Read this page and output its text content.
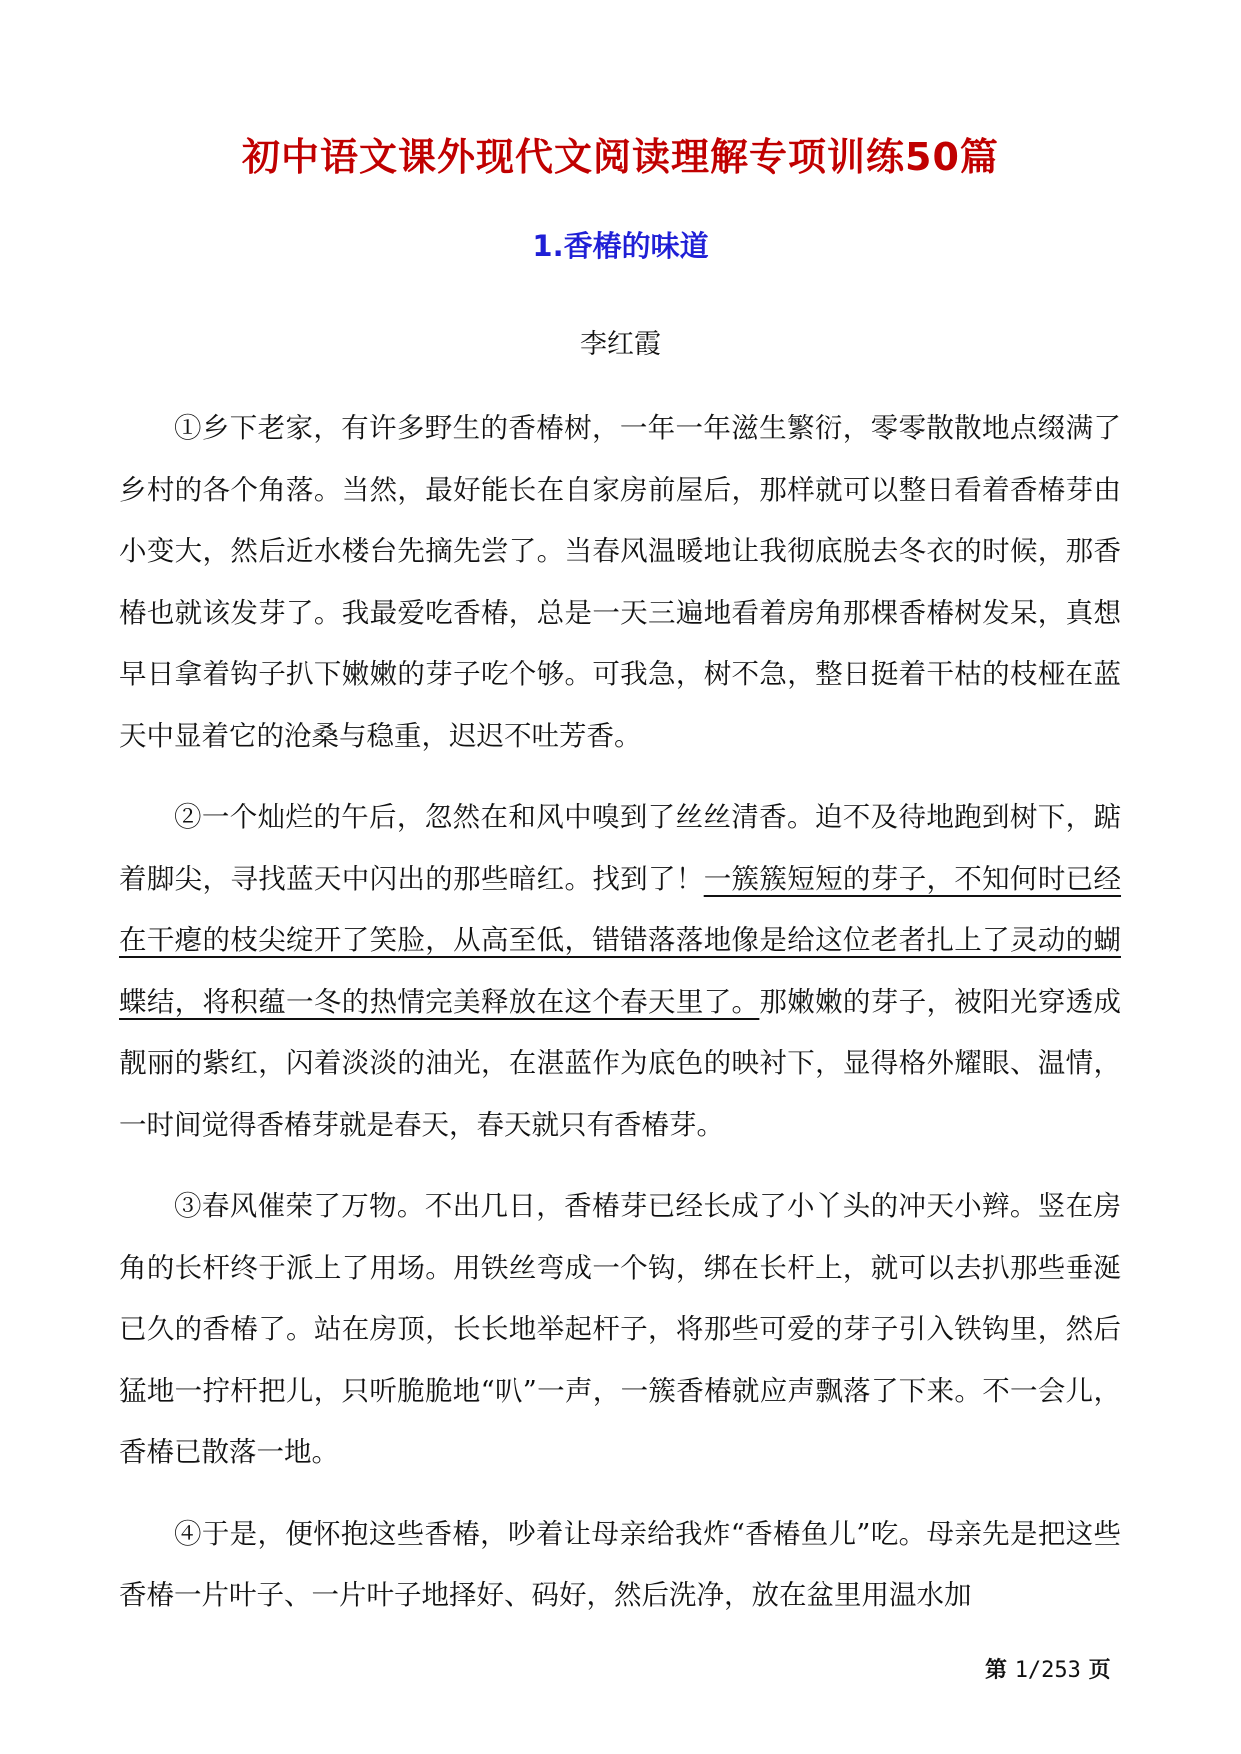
初中语文课外现代文阅读理解专项训练50篇
1.香椿的味道

李红霞

①乡下老家，有许多野生的香椿树，一年一年滋生繁衍，零零散散地点缀满了乡村的各个角落。当然，最好能长在自家房前屋后，那样就可以整日看着香椿芽由小变大，然后近水楼台先摘先尝了。当春风温暖地让我彻底脱去冬衣的时候，那香椿也就该发芽了。我最爱吃香椿，总是一天三遍地看着房角那棵香椿树发呆，真想早日拿着钩子扒下嫩嫩的芽子吃个够。可我急，树不急，整日挺着干枯的枝桠在蓝天中显着它的沧桑与稳重，迟迟不吐芳香。

②一个灿烂的午后，忽然在和风中嗅到了丝丝清香。迫不及待地跑到树下，踮着脚尖，寻找蓝天中闪出的那些暗红。找到了！一簇簇短短的芽子，不知何时已经在干瘪的枝尖绽开了笑脸，从高至低，错错落落地像是给这位老者扎上了灵动的蝴蝶结，将积蕴一冬的热情完美释放在这个春天里了。那嫩嫩的芽子，被阳光穿透成靓丽的紫红，闪着淡淡的油光，在湛蓝作为底色的映衬下，显得格外耀眼、温情，一时间觉得香椿芽就是春天，春天就只有香椿芽。

③春风催荣了万物。不出几日，香椿芽已经长成了小丫头的冲天小辫。竖在房角的长杆终于派上了用场。用铁丝弯成一个钩，绑在长杆上，就可以去扒那些垂涎已久的香椿了。站在房顶，长长地举起杆子，将那些可爱的芽子引入铁钩里，然后猛地一拧杆把儿，只听脆脆地“叭”一声，一簇香椿就应声飘落了下来。不一会儿，香椿已散落一地。

④于是，便怀抱这些香椿，吵着让母亲给我炸“香椿鱼儿”吃。母亲先是把这些香椿一片叶子、一片叶子地择好、码好，然后洗净，放在盆里用温水加

第 1/253 页
